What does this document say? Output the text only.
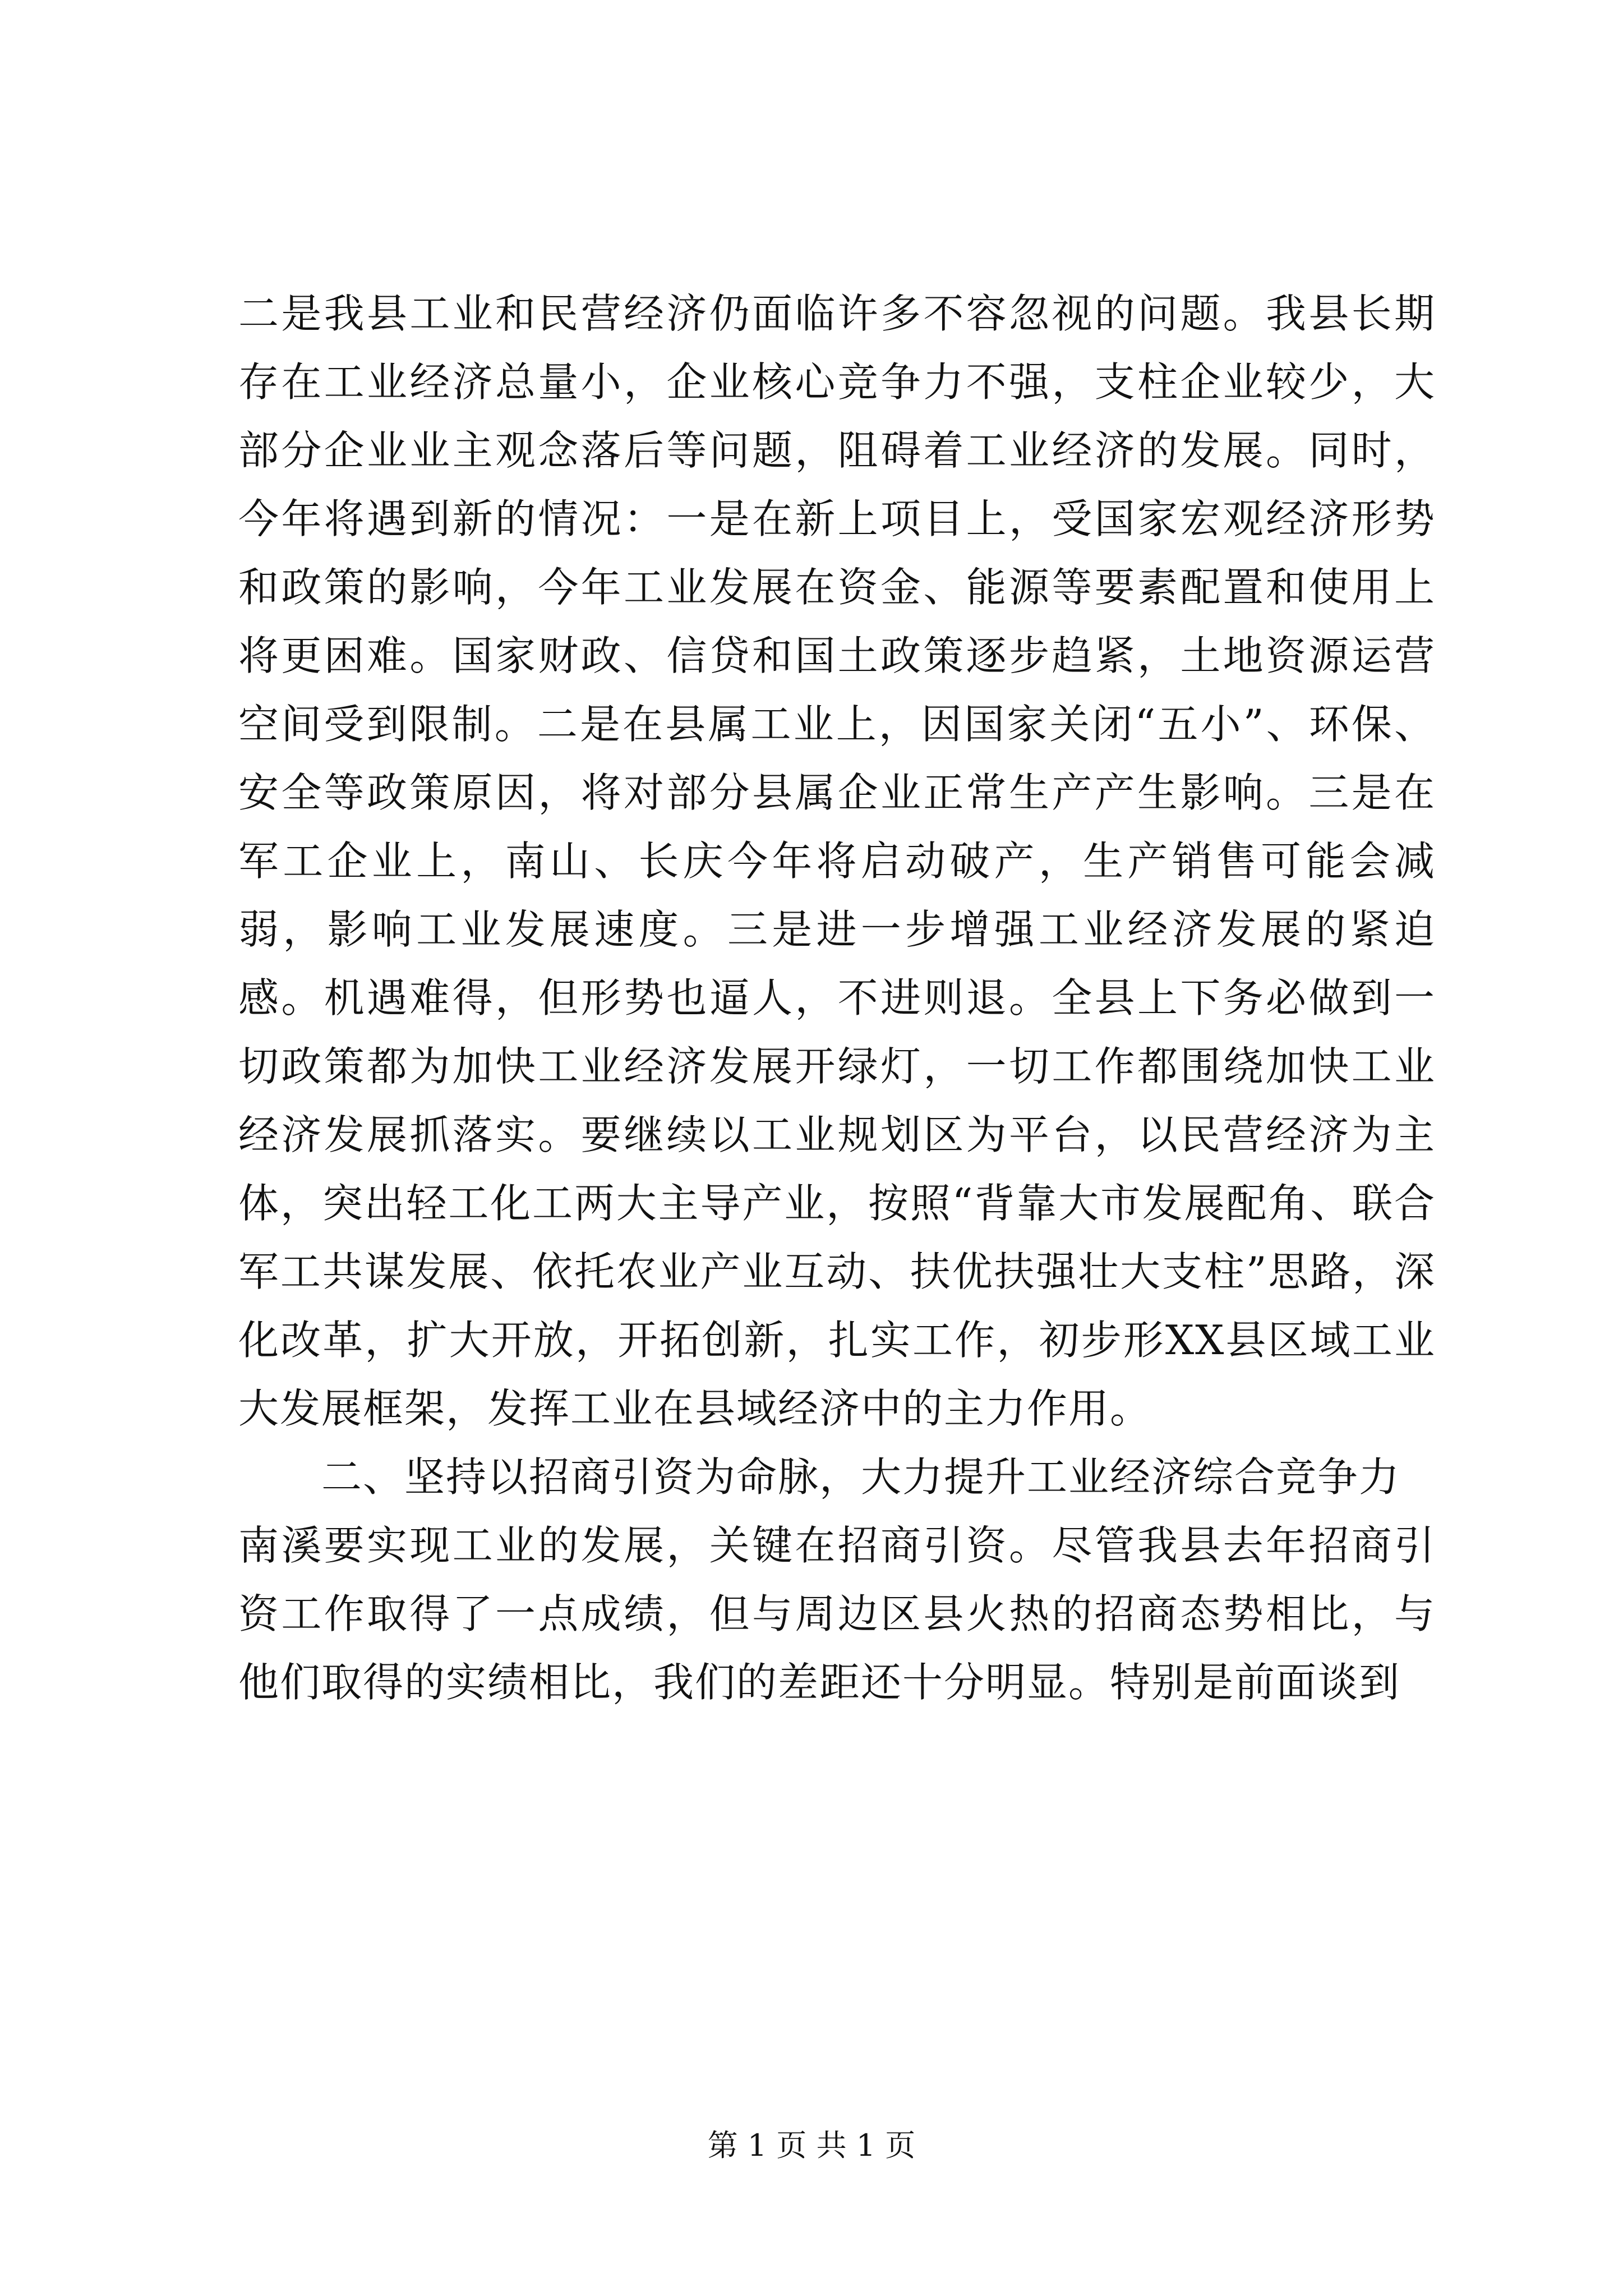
二是我县工业和民营经济仍面临许多不容忽视的问题。我县长期存在工业经济总量小，企业核心竞争力不强，支柱企业较少，大部分企业业主观念落后等问题，阻碍着工业经济的发展。同时，今年将遇到新的情况：一是在新上项目上，受国家宏观经济形势和政策的影响，今年工业发展在资金、能源等要素配置和使用上将更困难。国家财政、信贷和国土政策逐步趋紧，土地资源运营空间受到限制。二是在县属工业上，因国家关闭“五小”、环保、安全等政策原因，将对部分县属企业正常生产产生影响。三是在军工企业上，南山、长庆今年将启动破产，生产销售可能会减弱，影响工业发展速度。三是进一步增强工业经济发展的紧迫感。机遇难得，但形势也逼人，不进则退。全县上下务必做到一切政策都为加快工业经济发展开绿灯，一切工作都围绕加快工业经济发展抓落实。要继续以工业规划区为平台，以民营经济为主体，突出轻工化工两大主导产业，按照“背靠大市发展配角、联合军工共谋发展、依托农业产业互动、扶优扶强壮大支柱”思路，深化改革，扩大开放，开拓创新，扎实工作，初步形XX县区域工业大发展框架，发挥工业在县域经济中的主力作用。

二、坚持以招商引资为命脉，大力提升工业经济综合竞争力

南溪要实现工业的发展，关键在招商引资。尽管我县去年招商引资工作取得了一点成绩，但与周边区县火热的招商态势相比，与他们取得的实绩相比，我们的差距还十分明显。特别是前面谈到

第 1 页 共 1 页
